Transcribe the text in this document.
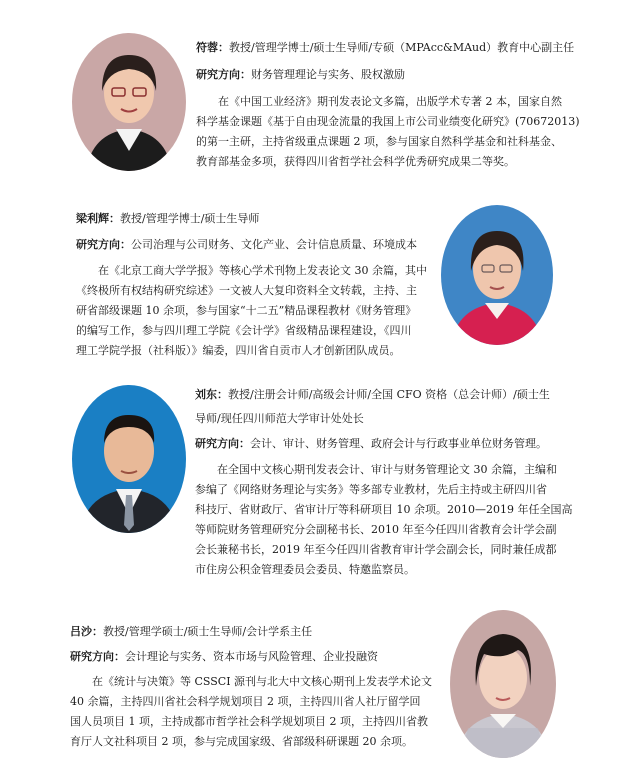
符蓉：教授/管理学博士/硕士生导师/专硕（MPAcc&MAud）教育中心副主任
研究方向：财务管理理论与实务、股权激励
在《中国工业经济》期刊发表论文多篇，出版学术专著 2 本，国家自然
科学基金课题《基于自由现金流量的我国上市公司业绩变化研究》(70672013)
的第一主研，主持省级重点课题 2 项，参与国家自然科学基金和社科基金、
教育部基金多项，获得四川省哲学社会科学优秀研究成果二等奖。
梁利辉：教授/管理学博士/硕士生导师
研究方向：公司治理与公司财务、文化产业、会计信息质量、环境成本
在《北京工商大学学报》等核心学术刊物上发表论文 30 余篇，其中
《终极所有权结构研究综述》一文被人大复印资料全文转载，主持、主
研省部级课题 10 余项，参与国家“十二五”精品课程教材《财务管理》
的编写工作，参与四川理工学院《会计学》省级精品课程建设，《四川
理工学院学报（社科版）》编委，四川省自贡市人才创新团队成员。
刘东：教授/注册会计师/高级会计师/全国 CFO 资格（总会计师）/硕士生
导师/现任四川师范大学审计处处长
研究方向：会计、审计、财务管理、政府会计与行政事业单位财务管理。
在全国中文核心期刊发表会计、审计与财务管理论文 30 余篇，主编和
参编了《网络财务理论与实务》等多部专业教材，先后主持或主研四川省
科技厅、省财政厅、省审计厅等科研项目 10 余项。2010—2019 年任全国高
等师院财务管理研究分会副秘书长、2010 年至今任四川省教育会计学会副
会长兼秘书长，2019 年至今任四川省教育审计学会副会长，同时兼任成都
市住房公积金管理委员会委员、特邀监察员。
吕沙：教授/管理学硕士/硕士生导师/会计学系主任
研究方向：会计理论与实务、资本市场与风险管理、企业投融资
在《统计与决策》等 CSSCI 源刊与北大中文核心期刊上发表学术论文
40 余篇，主持四川省社会科学规划项目 2 项，主持四川省人社厅留学回
国人员项目 1 项，主持成都市哲学社会科学规划项目 2 项，主持四川省教
育厅人文社科项目 2 项，参与完成国家级、省部级科研课题 20 余项。
